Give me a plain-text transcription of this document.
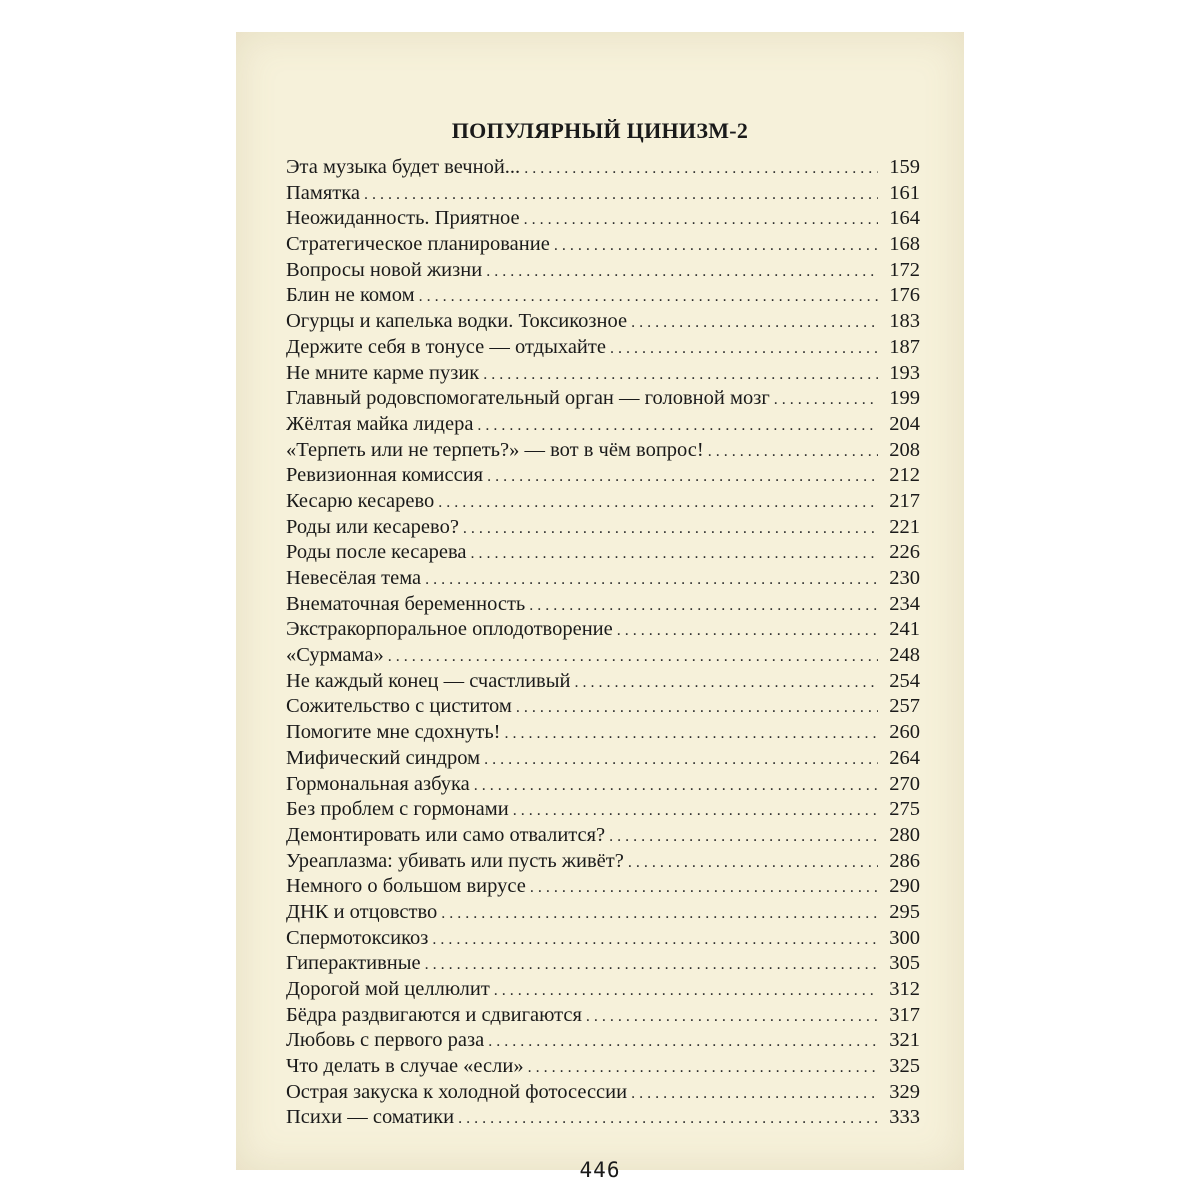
ПОПУЛЯРНЫЙ ЦИНИЗМ-2
Эта музыка будет вечной... . . .	159
Памятка . . .	161
Неожиданность. Приятное . . .	164
Стратегическое планирование . . .	168
Вопросы новой жизни . . .	172
Блин не комом . . .	176
Огурцы и капелька водки. Токсикозное . . .	183
Держите себя в тонусе — отдыхайте . . .	187
Не мните карме пузик . . .	193
Главный родовспомогательный орган — головной мозг . . .	199
Жёлтая майка лидера . . .	204
«Терпеть или не терпеть?» — вот в чём вопрос! . . .	208
Ревизионная комиссия . . .	212
Кесарю кесарево . . .	217
Роды или кесарево? . . .	221
Роды после кесарева . . .	226
Невесёлая тема . . .	230
Внематочная беременность . . .	234
Экстракорпоральное оплодотворение . . .	241
«Сурмама» . . .	248
Не каждый конец — счастливый . . .	254
Сожительство с циститом . . .	257
Помогите мне сдохнуть! . . .	260
Мифический синдром . . .	264
Гормональная азбука . . .	270
Без проблем с гормонами . . .	275
Демонтировать или само отвалится? . . .	280
Уреаплазма: убивать или пусть живёт? . . .	286
Немного о большом вирусе . . .	290
ДНК и отцовство . . .	295
Спермотоксикоз . . .	300
Гиперактивные . . .	305
Дорогой мой целлюлит . . .	312
Бёдра раздвигаются и сдвигаются . . .	317
Любовь с первого раза . . .	321
Что делать в случае «если» . . .	325
Острая закуска к холодной фотосессии . . .	329
Психи — соматики . . .	333
446
